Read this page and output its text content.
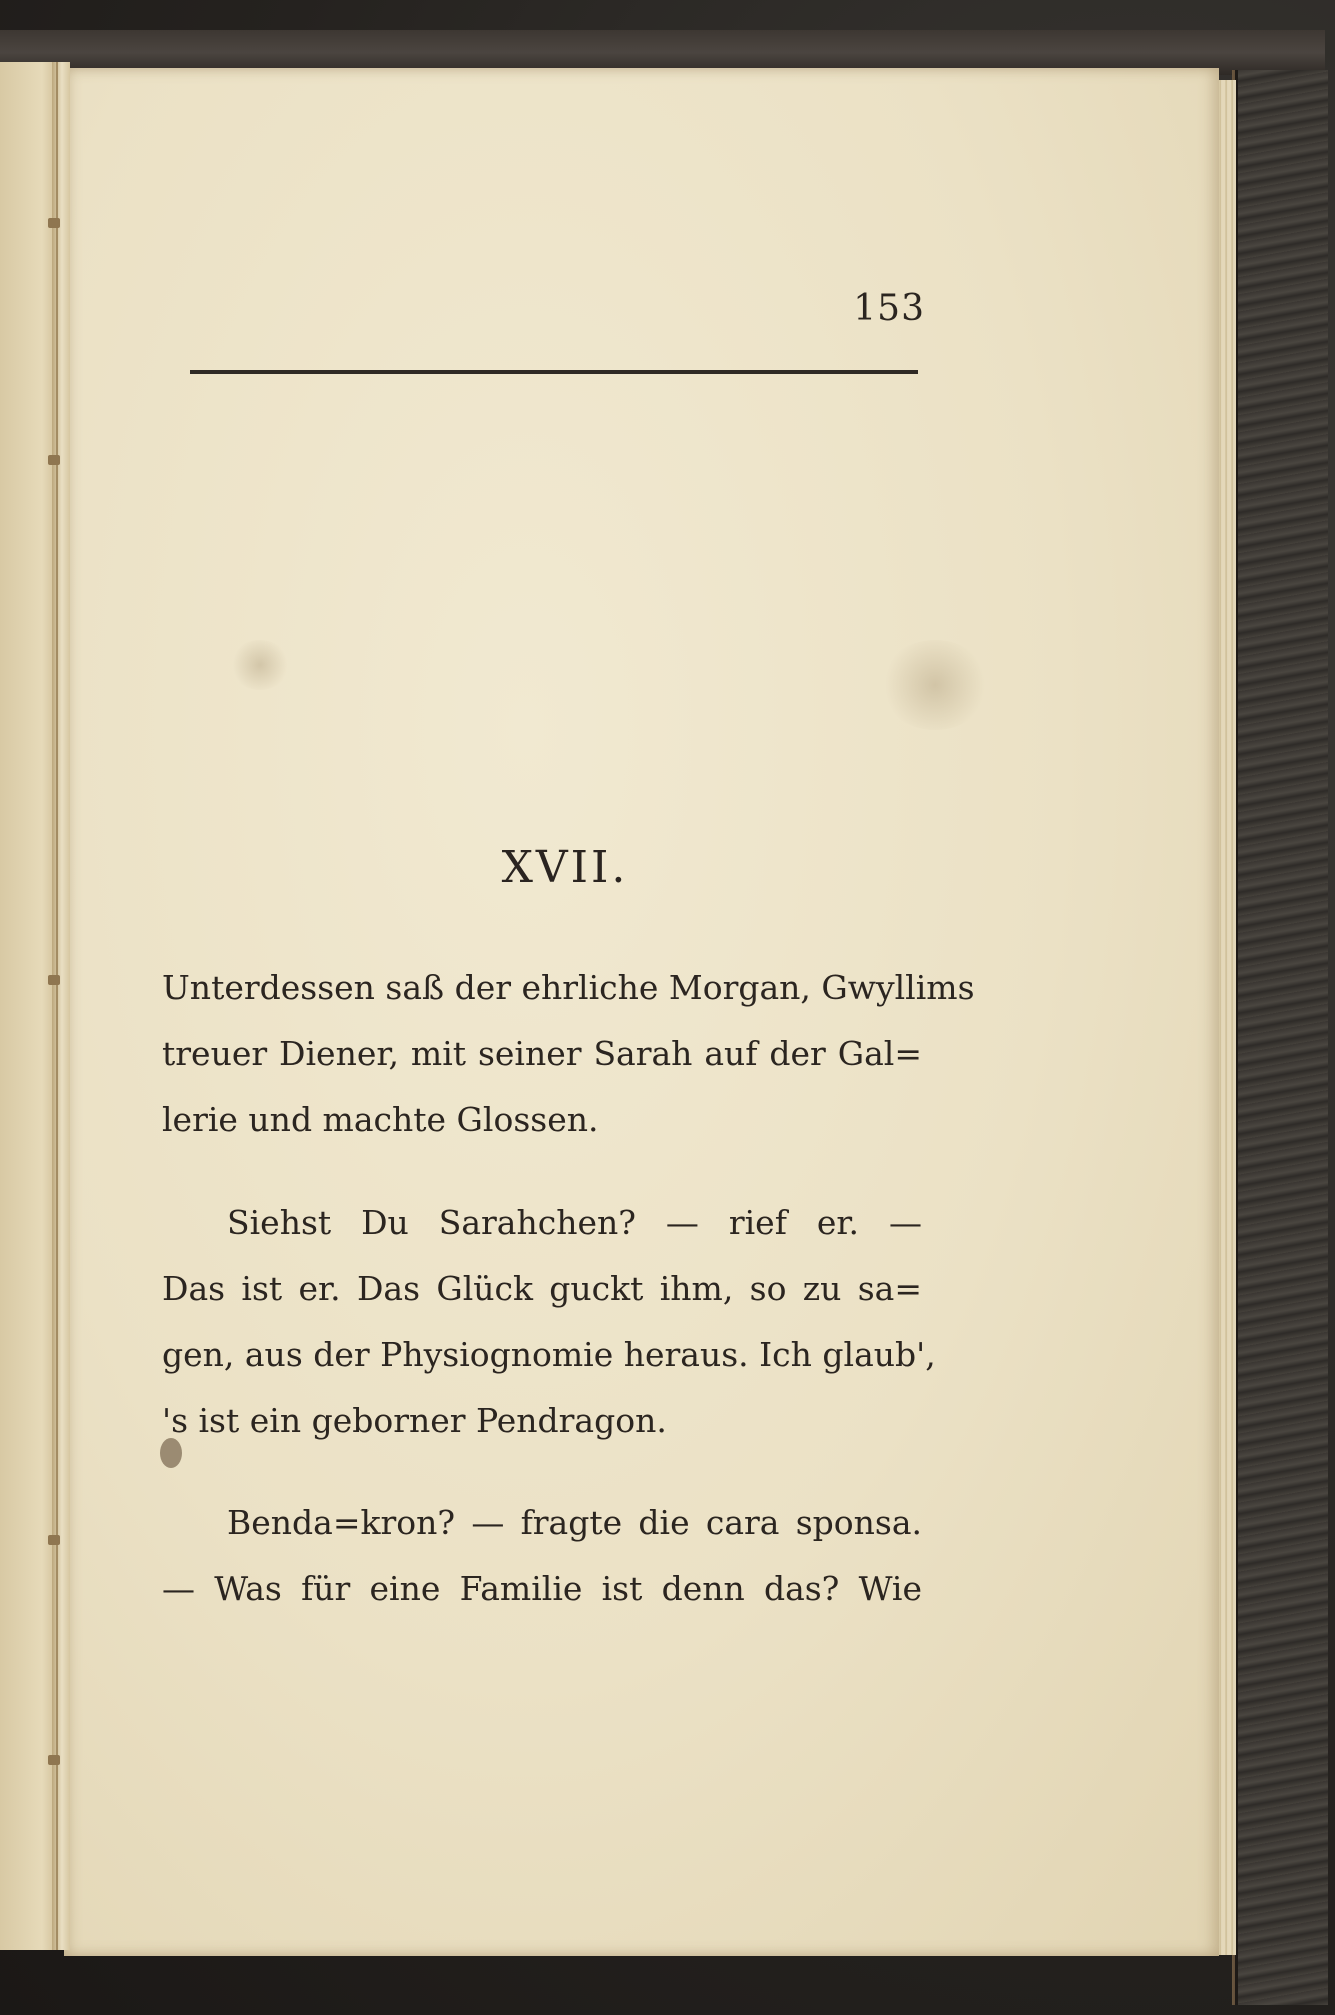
153
XVII.
Unterdessen saß der ehrliche Morgan, Gwyllims
treuer Diener, mit seiner Sarah auf der Gal=
lerie und machte Glossen.
Siehst Du Sarahchen? — rief er. —
Das ist er. Das Glück guckt ihm, so zu sa=
gen, aus der Physiognomie heraus. Ich glaub',
's ist ein geborner Pendragon.
Benda=kron? — fragte die cara sponsa.
— Was für eine Familie ist denn das? Wie
